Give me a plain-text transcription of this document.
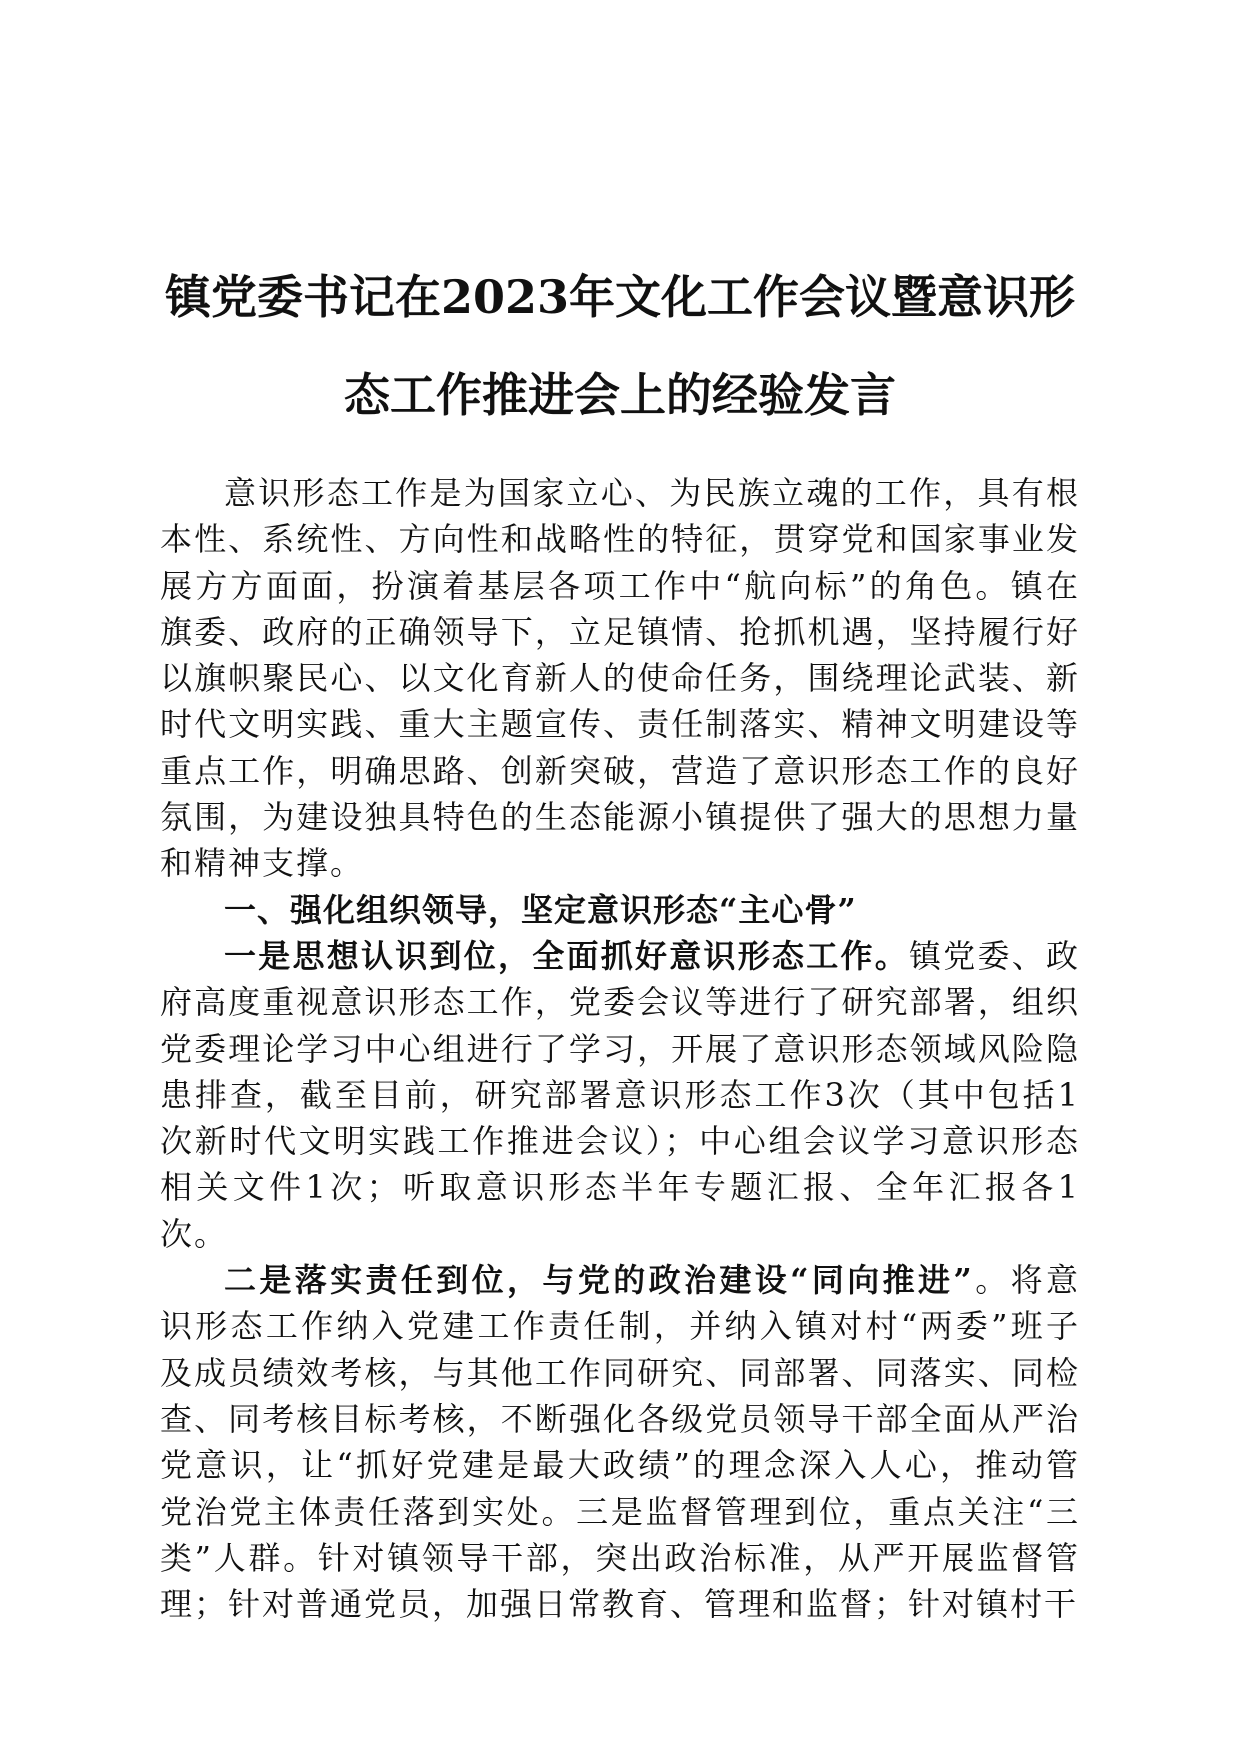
镇党委书记在2023年文化工作会议暨意识形
态工作推进会上的经验发言

意识形态工作是为国家立心、为民族立魂的工作，具有根本性、系统性、方向性和战略性的特征，贯穿党和国家事业发展方方面面，扮演着基层各项工作中“航向标”的角色。镇在旗委、政府的正确领导下，立足镇情、抢抓机遇，坚持履行好以旗帜聚民心、以文化育新人的使命任务，围绕理论武装、新时代文明实践、重大主题宣传、责任制落实、精神文明建设等重点工作，明确思路、创新突破，营造了意识形态工作的良好氛围，为建设独具特色的生态能源小镇提供了强大的思想力量和精神支撑。

一、强化组织领导，坚定意识形态“主心骨”

一是思想认识到位，全面抓好意识形态工作。镇党委、政府高度重视意识形态工作，党委会议等进行了研究部署，组织党委理论学习中心组进行了学习，开展了意识形态领域风险隐患排查，截至目前，研究部署意识形态工作3次（其中包括1次新时代文明实践工作推进会议）；中心组会议学习意识形态相关文件1次；听取意识形态半年专题汇报、全年汇报各1次。

二是落实责任到位，与党的政治建设“同向推进”。将意识形态工作纳入党建工作责任制，并纳入镇对村“两委”班子及成员绩效考核，与其他工作同研究、同部署、同落实、同检查、同考核目标考核，不断强化各级党员领导干部全面从严治党意识，让“抓好党建是最大政绩”的理念深入人心，推动管党治党主体责任落到实处。三是监督管理到位，重点关注“三类”人群。针对镇领导干部，突出政治标准，从严开展监督管理；针对普通党员，加强日常教育、管理和监督；针对镇村干
